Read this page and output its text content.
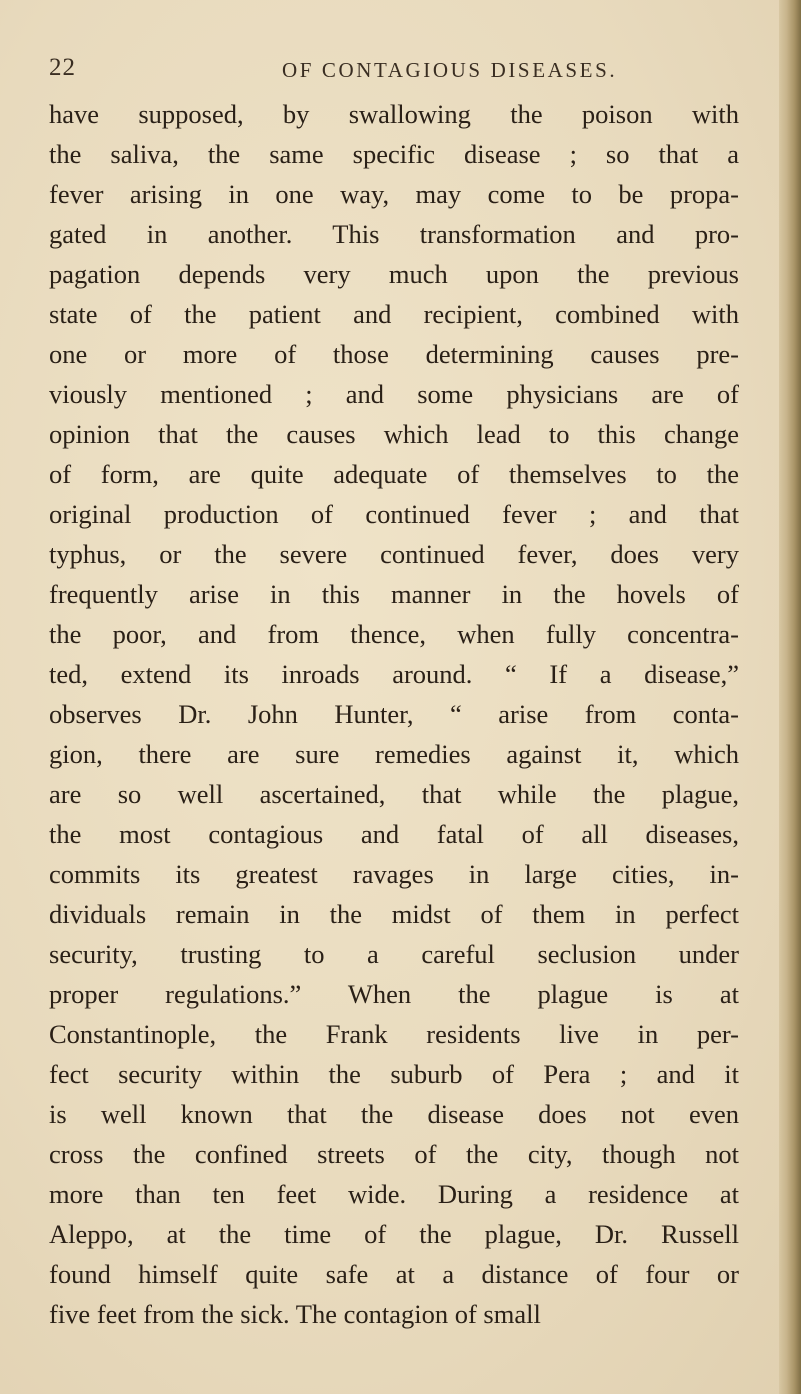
22	OF CONTAGIOUS DISEASES.
have supposed, by swallowing the poison with
the saliva, the same specific disease ; so that a
fever arising in one way, may come to be propa-
gated in another. This transformation and pro-
pagation depends very much upon the previous
state of the patient and recipient, combined with
one or more of those determining causes pre-
viously mentioned ; and some physicians are of
opinion that the causes which lead to this change
of form, are quite adequate of themselves to the
original production of continued fever ; and that
typhus, or the severe continued fever, does very
frequently arise in this manner in the hovels of
the poor, and from thence, when fully concentra-
ted, extend its inroads around. “ If a disease,”
observes Dr. John Hunter, “ arise from conta-
gion, there are sure remedies against it, which
are so well ascertained, that while the plague,
the most contagious and fatal of all diseases,
commits its greatest ravages in large cities, in-
dividuals remain in the midst of them in perfect
security, trusting to a careful seclusion under
proper regulations.” When the plague is at
Constantinople, the Frank residents live in per-
fect security within the suburb of Pera ; and it
is well known that the disease does not even
cross the confined streets of the city, though not
more than ten feet wide. During a residence at
Aleppo, at the time of the plague, Dr. Russell
found himself quite safe at a distance of four or
five feet from the sick. The contagion of small
